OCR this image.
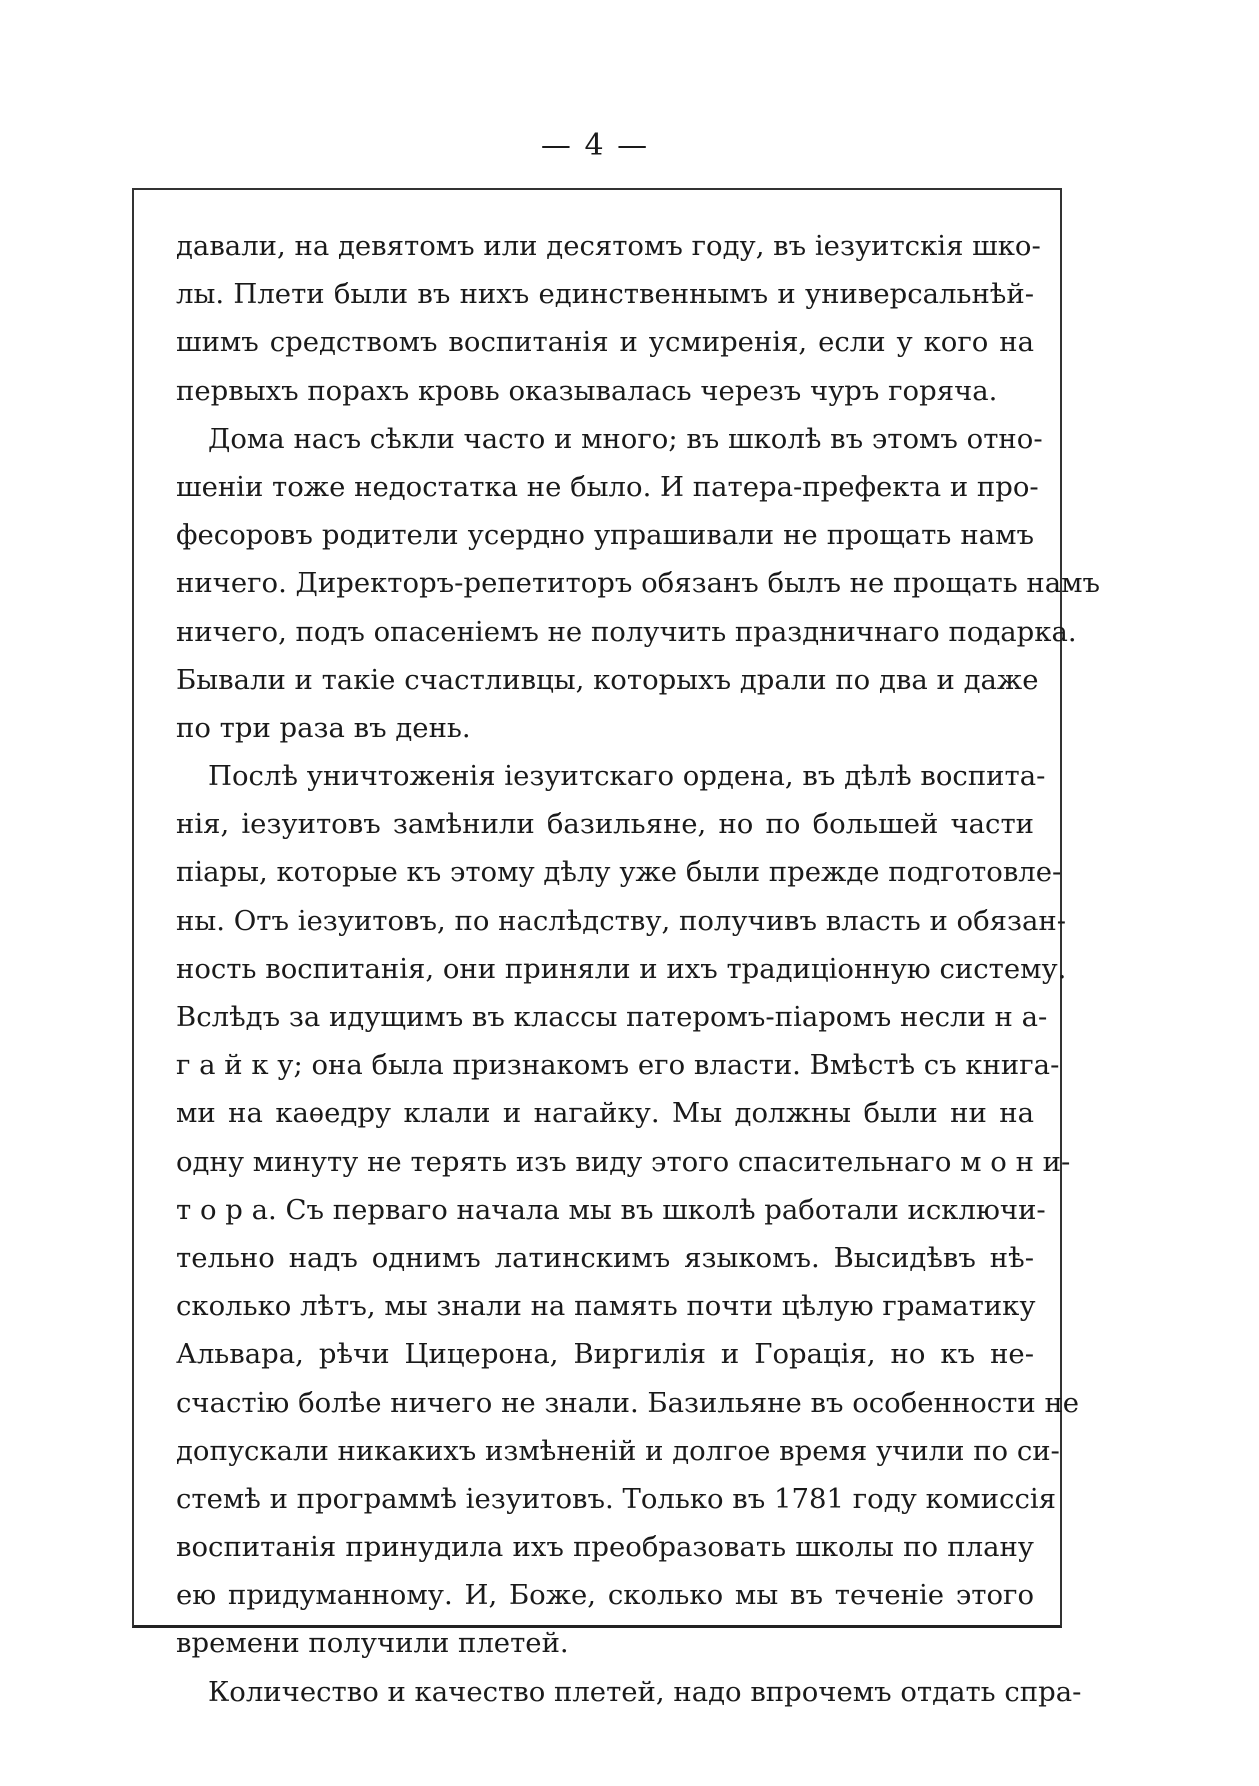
— 4 —
давали, на девятомъ или десятомъ году, въ іезуитскія шко-
лы. Плети были въ нихъ единственнымъ и универсальнѣй-
шимъ средствомъ воспитанія и усмиренія, если у кого на
первыхъ порахъ кровь оказывалась черезъ чуръ горяча.
Дома насъ сѣкли часто и много; въ школѣ въ этомъ отно-
шеніи тоже недостатка не было. И патера-префекта и про-
фесоровъ родители усердно упрашивали не прощать намъ
ничего. Директоръ-репетиторъ обязанъ былъ не прощать намъ
ничего, подъ опасеніемъ не получить праздничнаго подарка.
Бывали и такіе счастливцы, которыхъ драли по два и даже
по три раза въ день.
Послѣ уничтоженія іезуитскаго ордена, въ дѣлѣ воспита-
нія, іезуитовъ замѣнили базильяне, но по большей части
піары, которые къ этому дѣлу уже были прежде подготовле-
ны. Отъ іезуитовъ, по наслѣдству, получивъ власть и обязан-
ность воспитанія, они приняли и ихъ традиціонную систему.
Вслѣдъ за идущимъ въ классы патеромъ-піаромъ несли н а-
г а й к у; она была признакомъ его власти. Вмѣстѣ съ книга-
ми на каѳедру клали и нагайку. Мы должны были ни на
одну минуту не терять изъ виду этого спасительнаго м о н и-
т о р а. Съ перваго начала мы въ школѣ работали исключи-
тельно надъ однимъ латинскимъ языкомъ. Высидѣвъ нѣ-
сколько лѣтъ, мы знали на память почти цѣлую граматику
Альвара, рѣчи Цицерона, Виргилія и Горація, но къ не-
счастію болѣе ничего не знали. Базильяне въ особенности не
допускали никакихъ измѣненій и долгое время учили по си-
стемѣ и программѣ іезуитовъ. Только въ 1781 году комиссія
воспитанія принудила ихъ преобразовать школы по плану
ею придуманному. И, Боже, сколько мы въ теченіе этого
времени получили плетей.
Количество и качество плетей, надо впрочемъ отдать спра-
